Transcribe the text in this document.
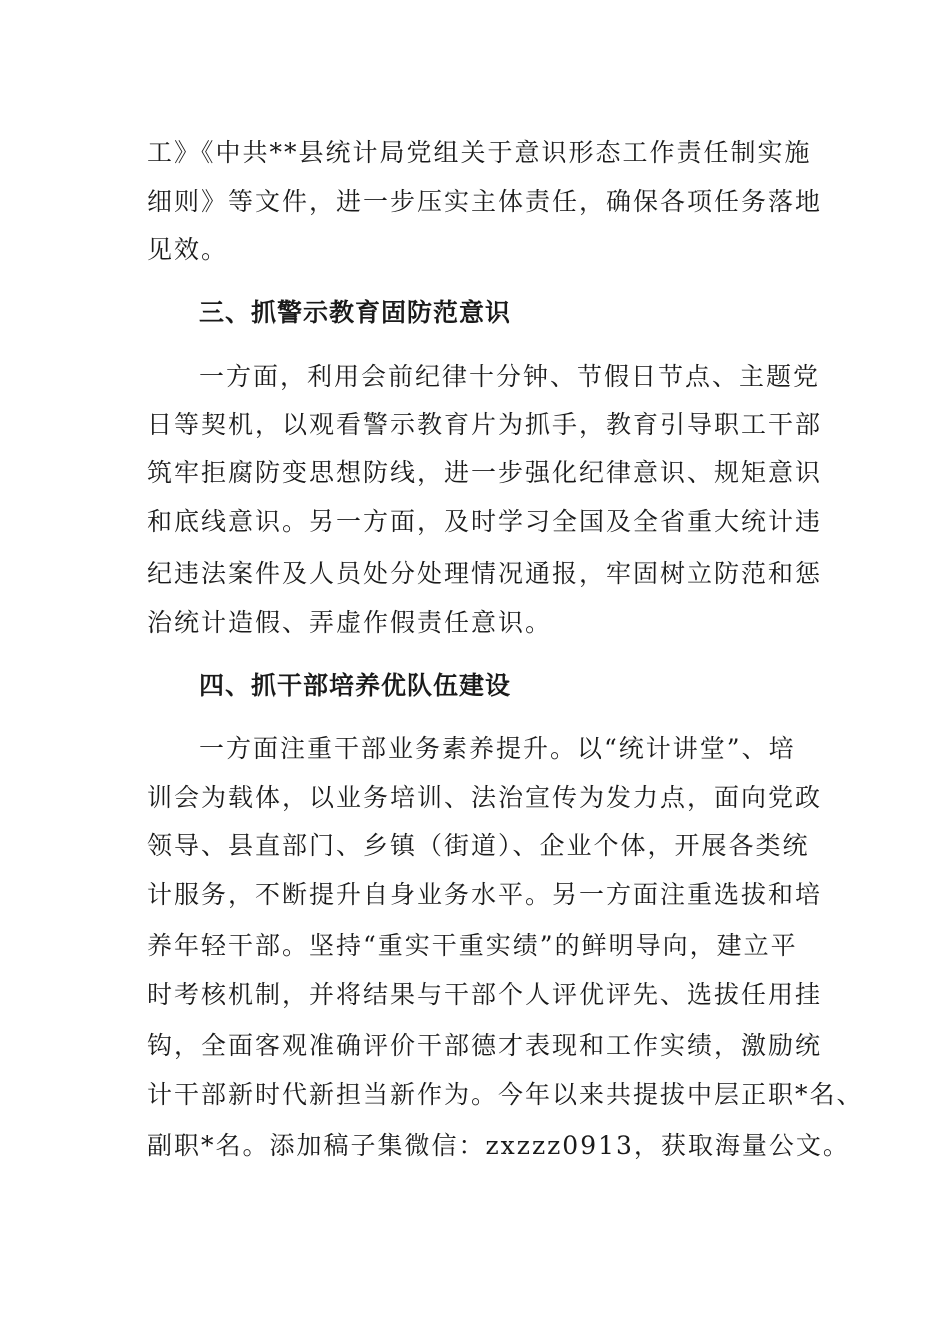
工》《中共**县统计局党组关于意识形态工作责任制实施
细则》等文件，进一步压实主体责任，确保各项任务落地
见效。
三、抓警示教育固防范意识
一方面，利用会前纪律十分钟、节假日节点、主题党
日等契机，以观看警示教育片为抓手，教育引导职工干部
筑牢拒腐防变思想防线，进一步强化纪律意识、规矩意识
和底线意识。另一方面，及时学习全国及全省重大统计违
纪违法案件及人员处分处理情况通报，牢固树立防范和惩
治统计造假、弄虚作假责任意识。
四、抓干部培养优队伍建设
一方面注重干部业务素养提升。以“统计讲堂”、培
训会为载体，以业务培训、法治宣传为发力点，面向党政
领导、县直部门、乡镇（街道）、企业个体，开展各类统
计服务，不断提升自身业务水平。另一方面注重选拔和培
养年轻干部。坚持“重实干重实绩”的鲜明导向，建立平
时考核机制，并将结果与干部个人评优评先、选拔任用挂
钩，全面客观准确评价干部德才表现和工作实绩，激励统
计干部新时代新担当新作为。今年以来共提拔中层正职*名、
副职*名。添加稿子集微信：zxzzz0913，获取海量公文。
